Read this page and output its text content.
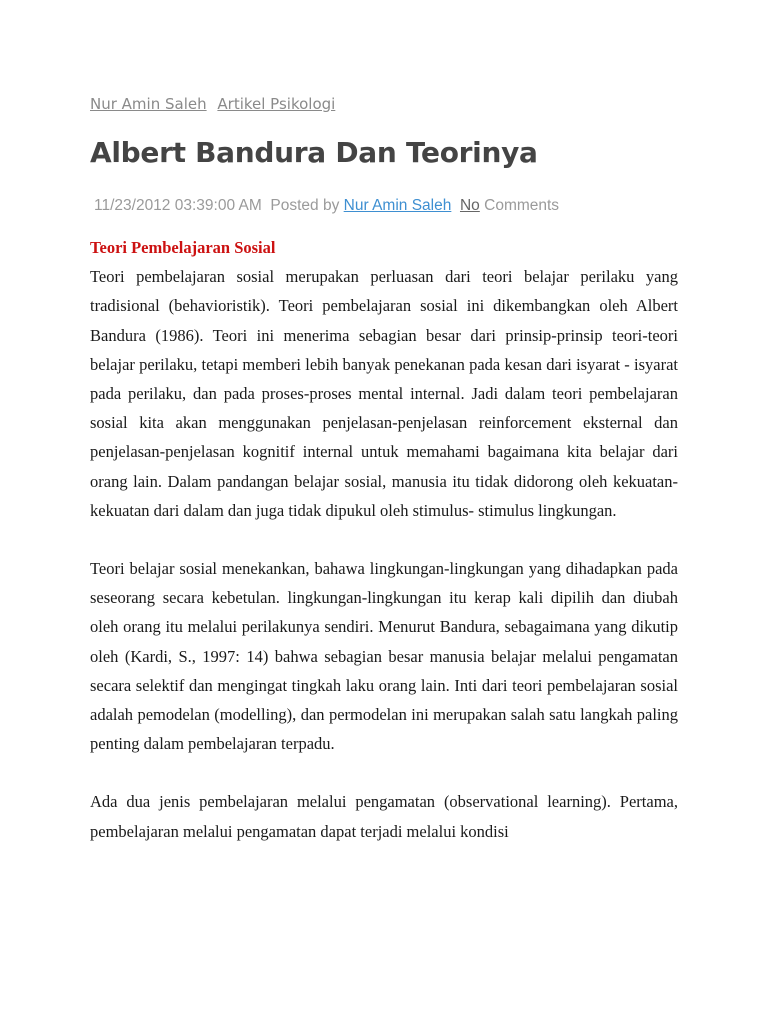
Nur Amin Saleh Artikel Psikologi
Albert Bandura Dan Teorinya
11/23/2012 03:39:00 AM Posted by Nur Amin Saleh No Comments

Teori Pembelajaran Sosial

Teori pembelajaran sosial merupakan perluasan dari teori belajar perilaku yang tradisional (behavioristik). Teori pembelajaran sosial ini dikembangkan oleh Albert Bandura (1986). Teori ini menerima sebagian besar dari prinsip-prinsip teori-teori belajar perilaku, tetapi memberi lebih banyak penekanan pada kesan dari isyarat - isyarat pada perilaku, dan pada proses-proses mental internal. Jadi dalam teori pembelajaran sosial kita akan menggunakan penjelasan-penjelasan reinforcement eksternal dan penjelasan-penjelasan kognitif internal untuk memahami bagaimana kita belajar dari orang lain. Dalam pandangan belajar sosial, manusia itu tidak didorong oleh kekuatan-kekuatan dari dalam dan juga tidak dipukul oleh stimulus- stimulus lingkungan.

Teori belajar sosial menekankan, bahawa lingkungan-lingkungan yang dihadapkan pada seseorang secara kebetulan. lingkungan-lingkungan itu kerap kali dipilih dan diubah oleh orang itu melalui perilakunya sendiri. Menurut Bandura, sebagaimana yang dikutip oleh (Kardi, S., 1997: 14) bahwa sebagian besar manusia belajar melalui pengamatan secara selektif dan mengingat tingkah laku orang lain. Inti dari teori pembelajaran sosial adalah pemodelan (modelling), dan permodelan ini merupakan salah satu langkah paling penting dalam pembelajaran terpadu.

Ada dua jenis pembelajaran melalui pengamatan (observational learning). Pertama, pembelajaran melalui pengamatan dapat terjadi melalui kondisi
